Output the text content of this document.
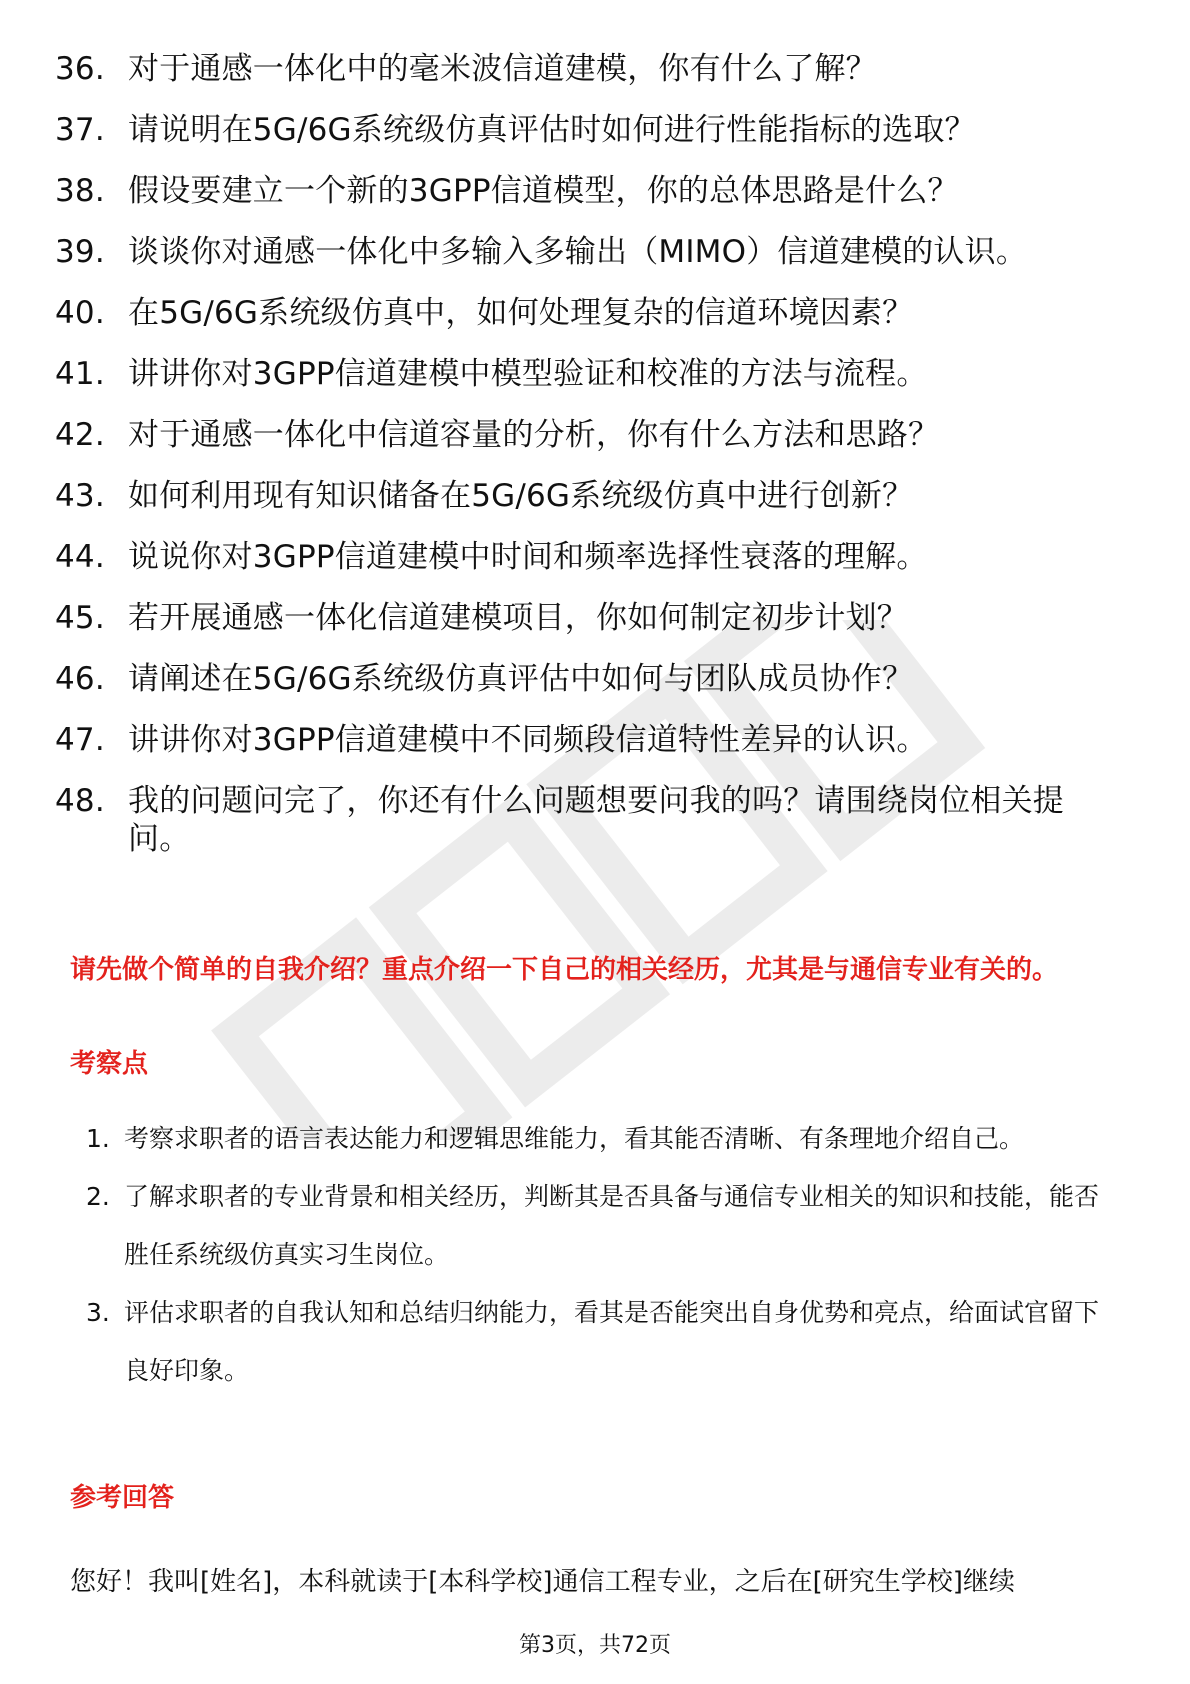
36. 对于通感一体化中的毫米波信道建模，你有什么了解？
37. 请说明在5G/6G系统级仿真评估时如何进行性能指标的选取？
38. 假设要建立一个新的3GPP信道模型，你的总体思路是什么？
39. 谈谈你对通感一体化中多输入多输出（MIMO）信道建模的认识。
40. 在5G/6G系统级仿真中，如何处理复杂的信道环境因素？
41. 讲讲你对3GPP信道建模中模型验证和校准的方法与流程。
42. 对于通感一体化中信道容量的分析，你有什么方法和思路？
43. 如何利用现有知识储备在5G/6G系统级仿真中进行创新？
44. 说说你对3GPP信道建模中时间和频率选择性衰落的理解。
45. 若开展通感一体化信道建模项目，你如何制定初步计划？
46. 请阐述在5G/6G系统级仿真评估中如何与团队成员协作？
47. 讲讲你对3GPP信道建模中不同频段信道特性差异的认识。
48. 我的问题问完了，你还有什么问题想要问我的吗？请围绕岗位相关提问。
请先做个简单的自我介绍？重点介绍一下自己的相关经历，尤其是与通信专业有关的。
考察点
1. 考察求职者的语言表达能力和逻辑思维能力，看其能否清晰、有条理地介绍自己。
2. 了解求职者的专业背景和相关经历，判断其是否具备与通信专业相关的知识和技能，能否胜任系统级仿真实习生岗位。
3. 评估求职者的自我认知和总结归纳能力，看其是否能突出自身优势和亮点，给面试官留下良好印象。
参考回答
您好！我叫[姓名]，本科就读于[本科学校]通信工程专业，之后在[研究生学校]继续
第3页，共72页
